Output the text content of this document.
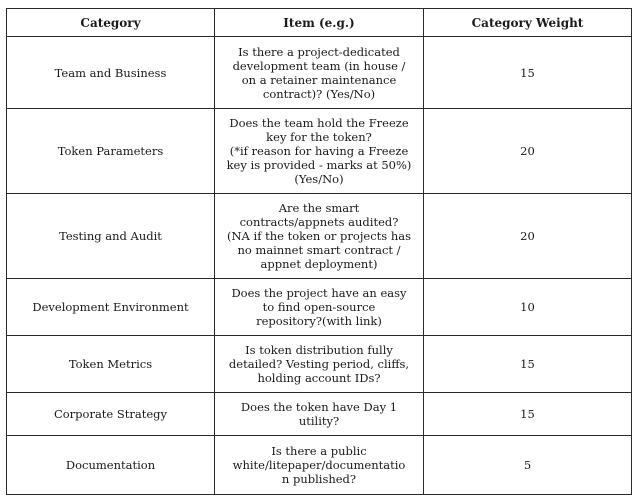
Category	Item (e.g.)	Category Weight
Team and Business	Is there a project-dedicated
development team (in house /
on a retainer maintenance
contract)? (Yes/No)	15
Token Parameters	Does the team hold the Freeze
key for the token?
(*if reason for having a Freeze
key is provided - marks at 50%)
(Yes/No)	20
Testing and Audit	Are the smart
contracts/appnets audited?
(NA if the token or projects has
no mainnet smart contract /
appnet deployment)	20
Development Environment	Does the project have an easy
to find open-source
repository?(with link)	10
Token Metrics	Is token distribution fully
detailed? Vesting period, cliffs,
holding account IDs?	15
Corporate Strategy	Does the token have Day 1
utility?	15
Documentation	Is there a public
white/litepaper/documentatio
n published?	5
